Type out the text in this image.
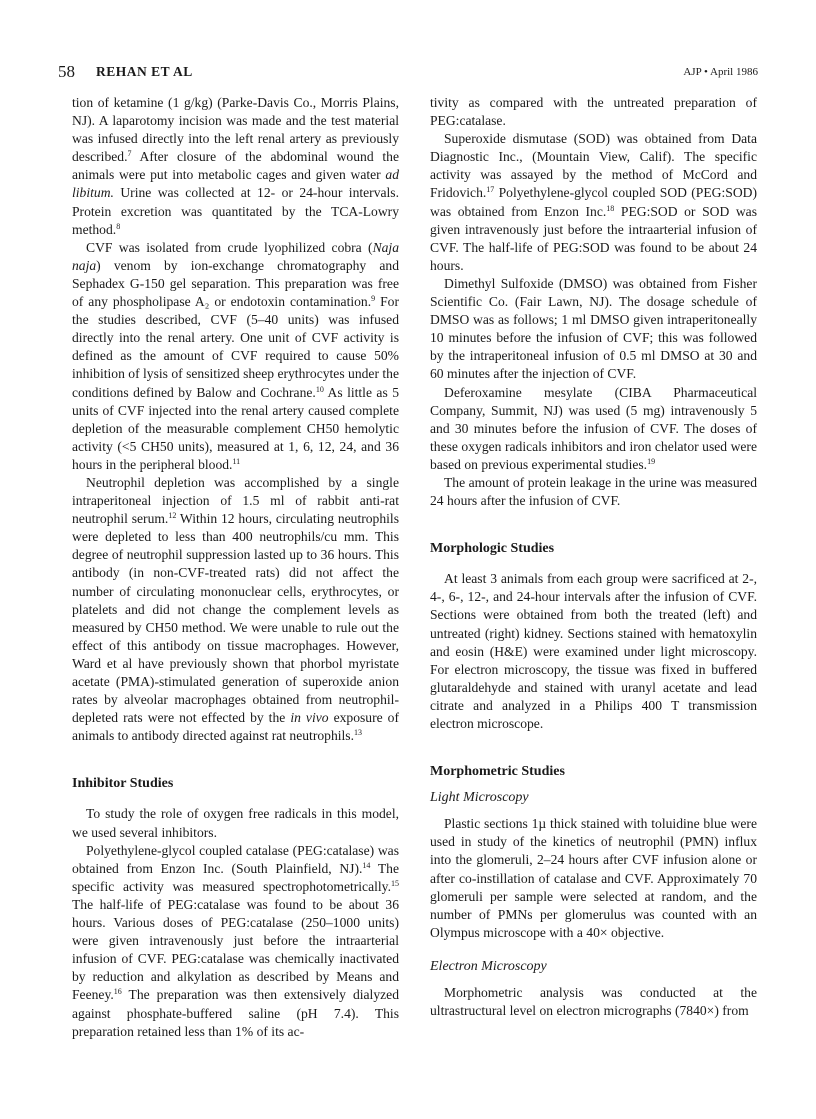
58 REHAN ET AL	AJP • April 1986

tion of ketamine (1 g/kg) (Parke-Davis Co., Morris Plains, NJ). A laparotomy incision was made and the test material was infused directly into the left renal artery as previously described.$^7$ After closure of the abdominal wound the animals were put into metabolic cages and given water ad libitum. Urine was collected at 12- or 24-hour intervals. Protein excretion was quantitated by the TCA-Lowry method.$^8$

CVF was isolated from crude lyophilized cobra (Naja naja) venom by ion-exchange chromatography and Sephadex G-150 gel separation. This preparation was free of any phospholipase A₂ or endotoxin contamination.$^9$ For the studies described, CVF (5–40 units) was infused directly into the renal artery. One unit of CVF activity is defined as the amount of CVF required to cause 50% inhibition of lysis of sensitized sheep erythrocytes under the conditions defined by Balow and Cochrane.$^{10}$ As little as 5 units of CVF injected into the renal artery caused complete depletion of the measurable complement CH50 hemolytic activity (<5 CH50 units), measured at 1, 6, 12, 24, and 36 hours in the peripheral blood.$^{11}$

Neutrophil depletion was accomplished by a single intraperitoneal injection of 1.5 ml of rabbit anti-rat neutrophil serum.$^{12}$ Within 12 hours, circulating neutrophils were depleted to less than 400 neutrophils/cu mm. This degree of neutrophil suppression lasted up to 36 hours. This antibody (in non-CVF-treated rats) did not affect the number of circulating mononuclear cells, erythrocytes, or platelets and did not change the complement levels as measured by CH50 method. We were unable to rule out the effect of this antibody on tissue macrophages. However, Ward et al have previously shown that phorbol myristate acetate (PMA)-stimulated generation of superoxide anion rates by alveolar macrophages obtained from neutrophil-depleted rats were not effected by the in vivo exposure of animals to antibody directed against rat neutrophils.$^{13}$

Inhibitor Studies

To study the role of oxygen free radicals in this model, we used several inhibitors.

Polyethylene-glycol coupled catalase (PEG:catalase) was obtained from Enzon Inc. (South Plainfield, NJ).$^{14}$ The specific activity was measured spectrophotometrically.$^{15}$ The half-life of PEG:catalase was found to be about 36 hours. Various doses of PEG:catalase (250–1000 units) were given intravenously just before the intraarterial infusion of CVF. PEG:catalase was chemically inactivated by reduction and alkylation as described by Means and Feeney.$^{16}$ The preparation was then extensively dialyzed against phosphate-buffered saline (pH 7.4). This preparation retained less than 1% of its ac-

tivity as compared with the untreated preparation of PEG:catalase.

Superoxide dismutase (SOD) was obtained from Data Diagnostic Inc., (Mountain View, Calif). The specific activity was assayed by the method of McCord and Fridovich.$^{17}$ Polyethylene-glycol coupled SOD (PEG:SOD) was obtained from Enzon Inc.$^{18}$ PEG:SOD or SOD was given intravenously just before the intraarterial infusion of CVF. The half-life of PEG:SOD was found to be about 24 hours.

Dimethyl Sulfoxide (DMSO) was obtained from Fisher Scientific Co. (Fair Lawn, NJ). The dosage schedule of DMSO was as follows; 1 ml DMSO given intraperitoneally 10 minutes before the infusion of CVF; this was followed by the intraperitoneal infusion of 0.5 ml DMSO at 30 and 60 minutes after the injection of CVF.

Deferoxamine mesylate (CIBA Pharmaceutical Company, Summit, NJ) was used (5 mg) intravenously 5 and 30 minutes before the infusion of CVF. The doses of these oxygen radicals inhibitors and iron chelator used were based on previous experimental studies.$^{19}$

The amount of protein leakage in the urine was measured 24 hours after the infusion of CVF.

Morphologic Studies

At least 3 animals from each group were sacrificed at 2-, 4-, 6-, 12-, and 24-hour intervals after the infusion of CVF. Sections were obtained from both the treated (left) and untreated (right) kidney. Sections stained with hematoxylin and eosin (H&E) were examined under light microscopy. For electron microscopy, the tissue was fixed in buffered glutaraldehyde and stained with uranyl acetate and lead citrate and analyzed in a Philips 400 T transmission electron microscope.

Morphometric Studies
Light Microscopy

Plastic sections 1µ thick stained with toluidine blue were used in study of the kinetics of neutrophil (PMN) influx into the glomeruli, 2–24 hours after CVF infusion alone or after co-instillation of catalase and CVF. Approximately 70 glomeruli per sample were selected at random, and the number of PMNs per glomerulus was counted with an Olympus microscope with a 40× objective.

Electron Microscopy

Morphometric analysis was conducted at the ultrastructural level on electron micrographs (7840×) from
